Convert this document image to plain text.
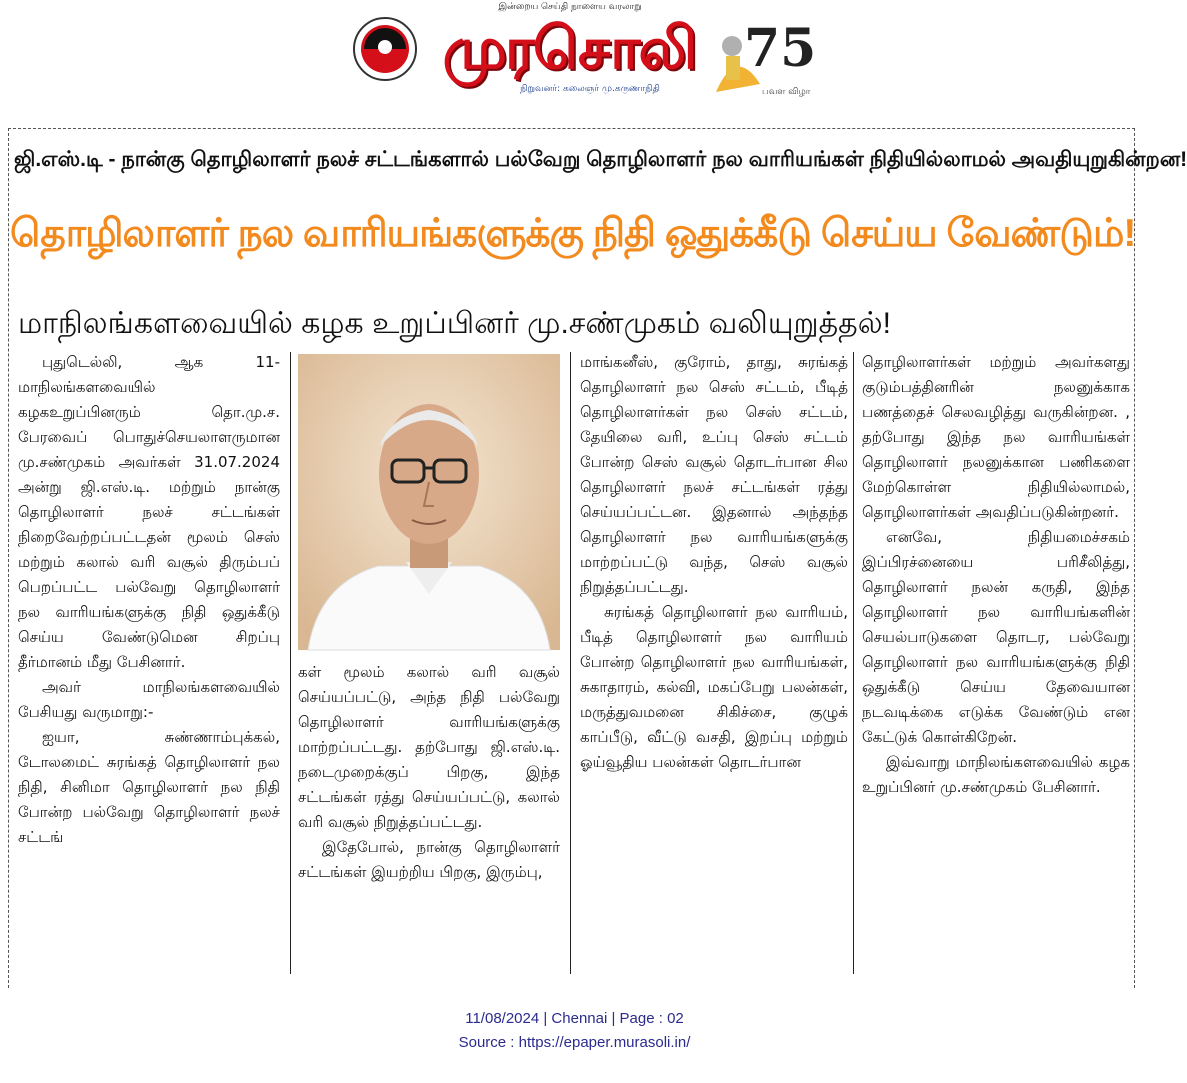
இன்றைய செய்தி நாளைய வரலாறு
முரசொலி
நிறுவனர்: கலைஞர் மு.கருணாநிதி
75
பவள விழா
ஜி.எஸ்.டி - நான்கு தொழிலாளர் நலச் சட்டங்களால் பல்வேறு தொழிலாளர் நல வாரியங்கள் நிதியில்லாமல் அவதியுறுகின்றன!
தொழிலாளர் நல வாரியங்களுக்கு நிதி ஒதுக்கீடு செய்ய வேண்டும்!
மாநிலங்களவையில் கழக உறுப்பினர் மு.சண்முகம் வலியுறுத்தல்!

புதுடெல்லி, ஆக 11- மாநிலங்களவையில் கழகஉறுப்பினரும் தொ.மு.ச. பேரவைப் பொதுச்செயலாளருமான மு.சண்முகம் அவர்கள் 31.07.2024 அன்று ஜி.எஸ்.டி. மற்றும் நான்கு தொழிலாளர் நலச் சட்டங்கள் நிறைவேற்றப்பட்டதன் மூலம் செஸ் மற்றும் கலால் வரி வசூல் திரும்பப் பெறப்பட்ட பல்வேறு தொழிலாளர் நல வாரியங்களுக்கு நிதி ஒதுக்கீடு செய்ய வேண்டுமென சிறப்பு தீர்மானம் மீது பேசினார்.

அவர் மாநிலங்களவையில் பேசியது வருமாறு:-

ஐயா, சுண்ணாம்புக்கல், டோலமைட் சுரங்கத் தொழிலாளர் நல நிதி, சினிமா தொழிலாளர் நல நிதி போன்ற பல்வேறு தொழிலாளர் நலச் சட்டங்

கள் மூலம் கலால் வரி வசூல் செய்யப்பட்டு, அந்த நிதி பல்வேறு தொழிலாளர் வாரியங்களுக்கு மாற்றப்பட்டது. தற்போது ஜி.எஸ்.டி. நடைமுறைக்குப் பிறகு, இந்த சட்டங்கள் ரத்து செய்யப்பட்டு, கலால் வரி வசூல் நிறுத்தப்பட்டது.

இதேபோல், நான்கு தொழிலாளர் சட்டங்கள் இயற்றிய பிறகு, இரும்பு,

மாங்கனீஸ், குரோம், தாது, சுரங்கத் தொழிலாளர் நல செஸ் சட்டம், பீடித் தொழிலாளர்கள் நல செஸ் சட்டம், தேயிலை வரி, உப்பு செஸ் சட்டம் போன்ற செஸ் வசூல் தொடர்பான சில தொழிலாளர் நலச் சட்டங்கள் ரத்து செய்யப்பட்டன. இதனால் அந்தந்த தொழிலாளர் நல வாரியங்களுக்கு மாற்றப்பட்டு வந்த, செஸ் வசூல் நிறுத்தப்பட்டது.

சுரங்கத் தொழிலாளர் நல வாரியம், பீடித் தொழிலாளர் நல வாரியம் போன்ற தொழிலாளர் நல வாரியங்கள், சுகாதாரம், கல்வி, மகப்பேறு பலன்கள், மருத்துவமனை சிகிச்சை, குழுக் காப்பீடு, வீட்டு வசதி, இறப்பு மற்றும் ஓய்வூதிய பலன்கள் தொடர்பான

தொழிலாளர்கள் மற்றும் அவர்களது குடும்பத்தினரின் நலனுக்காக பணத்தைச் செலவழித்து வருகின்றன. , தற்போது இந்த நல வாரியங்கள் தொழிலாளர் நலனுக்கான பணிகளை மேற்கொள்ள நிதியில்லாமல், தொழிலாளர்கள் அவதிப்படுகின்றனர்.

எனவே, நிதியமைச்சகம் இப்பிரச்னையை பரிசீலித்து, தொழிலாளர் நலன் கருதி, இந்த தொழிலாளர் நல வாரியங்களின் செயல்பாடுகளை தொடர, பல்வேறு தொழிலாளர் நல வாரியங்களுக்கு நிதி ஒதுக்கீடு செய்ய தேவையான நடவடிக்கை எடுக்க வேண்டும் என கேட்டுக் கொள்கிறேன்.

இவ்வாறு மாநிலங்களவையில் கழக உறுப்பினர் மு.சண்முகம் பேசினார்.

11/08/2024 | Chennai | Page : 02
Source : https://epaper.murasoli.in/
